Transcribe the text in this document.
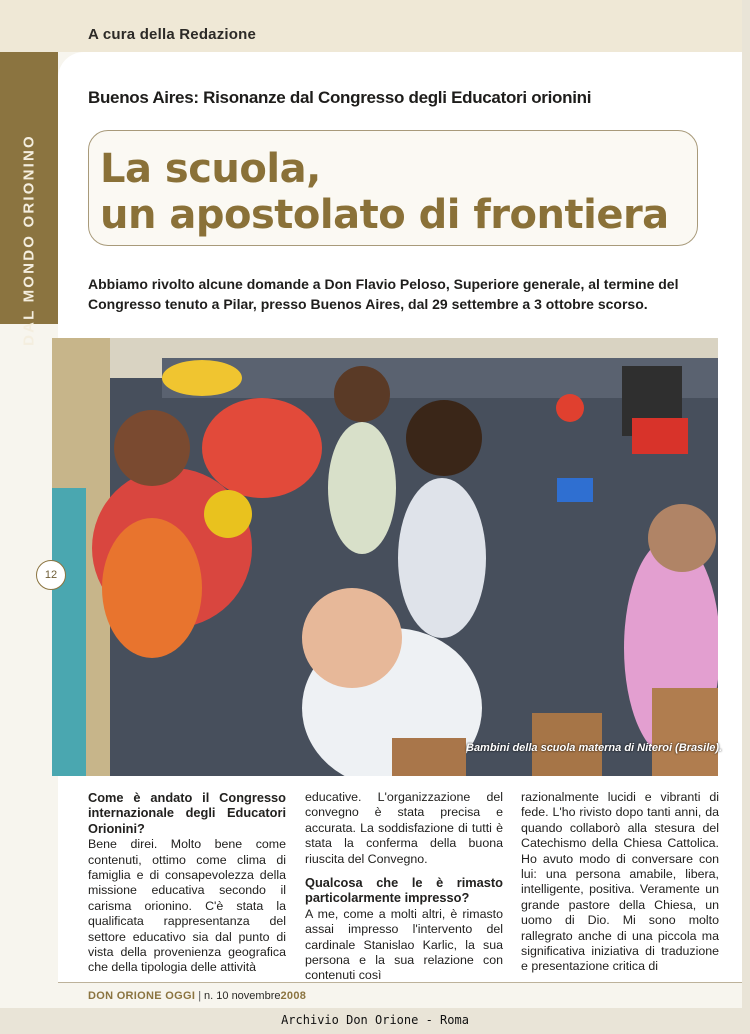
A cura della Redazione
DAL MONDO ORIONINO
Buenos Aires: Risonanze dal Congresso degli Educatori orionini
La scuola,
un apostolato di frontiera
Abbiamo rivolto alcune domande a Don Flavio Peloso, Superiore generale, al termine del Congresso tenuto a Pilar, presso Buenos Aires, dal 29 settembre a 3 ottobre scorso.
Bambini della scuola materna di Niteroi (Brasile).
12

Come è andato il Congresso internazionale degli Educatori Orionini?

Bene direi. Molto bene come contenuti, ottimo come clima di famiglia e di consapevolezza della missione educativa secondo il carisma orionino. C'è stata la qualificata rappresentanza del settore educativo sia dal punto di vista della provenienza geografica che della tipologia delle attività

educative. L'organizzazione del convegno è stata precisa e accurata. La soddisfazione di tutti è stata la conferma della buona riuscita del Convegno.

Qualcosa che le è rimasto particolarmente impresso?

A me, come a molti altri, è rimasto assai impresso l'intervento del cardinale Stanislao Karlic, la sua persona e la sua relazione con contenuti così

razionalmente lucidi e vibranti di fede. L'ho rivisto dopo tanti anni, da quando collaborò alla stesura del Catechismo della Chiesa Cattolica. Ho avuto modo di conversare con lui: una persona amabile, libera, intelligente, positiva. Veramente un grande pastore della Chiesa, un uomo di Dio. Mi sono molto rallegrato anche di una piccola ma significativa iniziativa di traduzione e presentazione critica di

DON ORIONE OGGI | n. 10 novembre2008
Archivio Don Orione - Roma
